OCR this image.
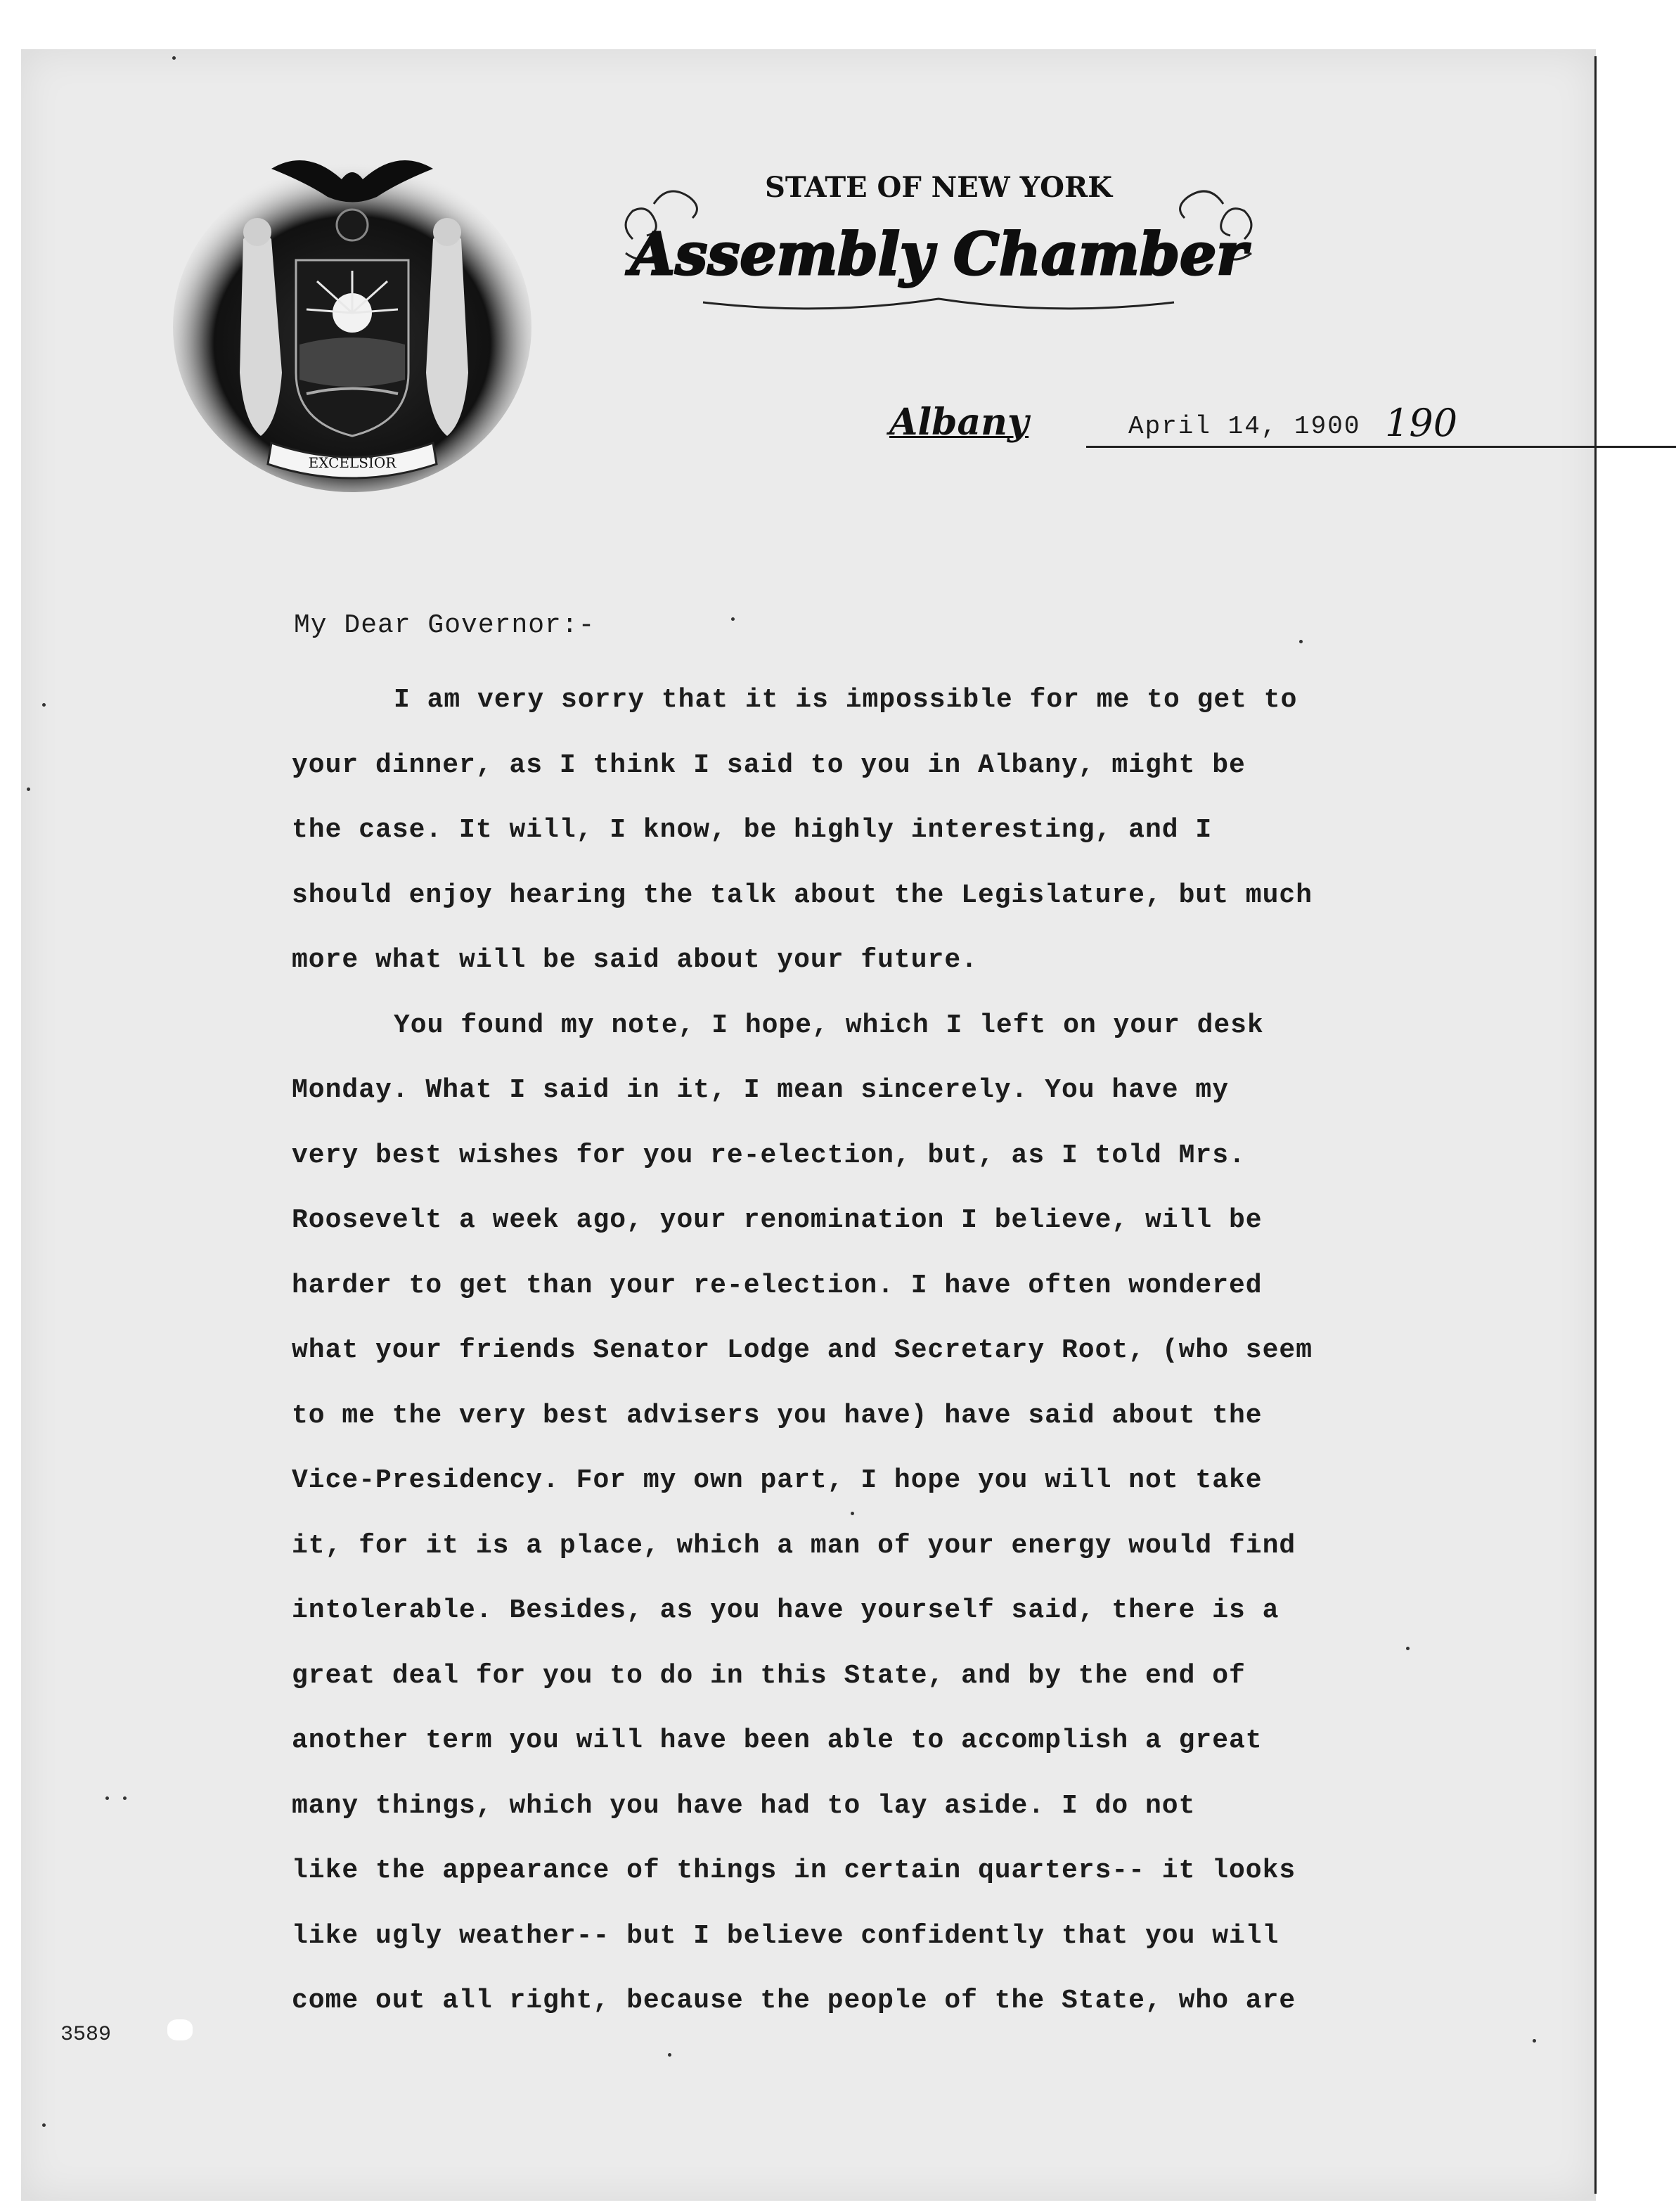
EXCELSIOR
STATE OF NEW YORK
Assembly Chamber
Albany	April 14, 1900 190
My Dear Governor:-
I am very sorry that it is impossible for me to get to
your dinner, as I think I said to you in Albany, might be
the case. It will, I know, be highly interesting, and I
should enjoy hearing the talk about the Legislature, but much
more what will be said about your future.
You found my note, I hope, which I left on your desk
Monday. What I said in it, I mean sincerely. You have my
very best wishes for you re-election, but, as I told Mrs.
Roosevelt a week ago, your renomination I believe, will be
harder to get than your re-election. I have often wondered
what your friends Senator Lodge and Secretary Root, (who seem
to me the very best advisers you have) have said about the
Vice-Presidency. For my own part, I hope you will not take
it, for it is a place, which a man of your energy would find
intolerable. Besides, as you have yourself said, there is a
great deal for you to do in this State, and by the end of
another term you will have been able to accomplish a great
many things, which you have had to lay aside. I do not
like the appearance of things in certain quarters-- it looks
like ugly weather-- but I believe confidently that you will
come out all right, because the people of the State, who are
3589
